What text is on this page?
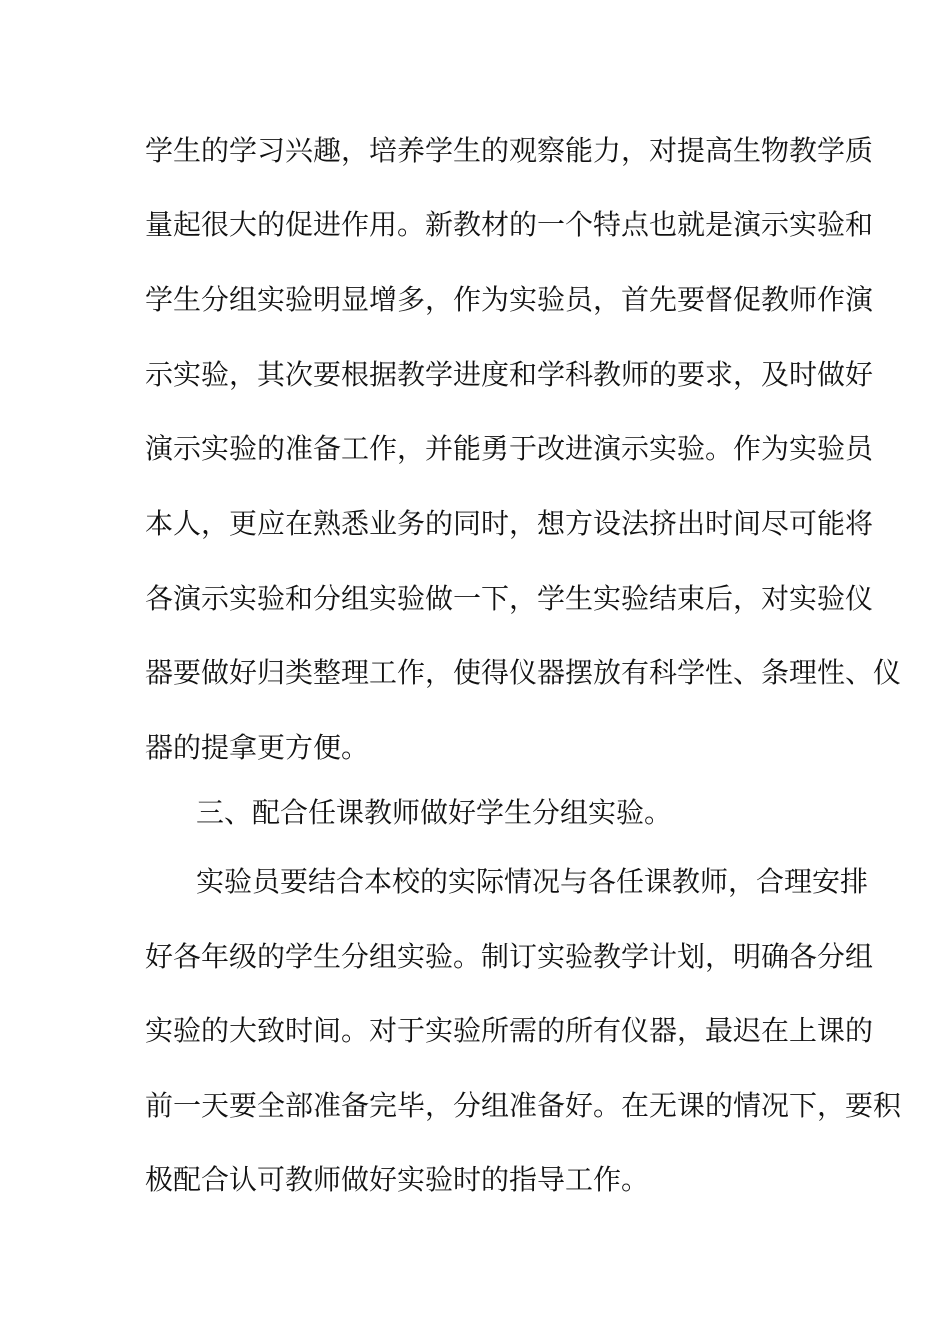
学生的学习兴趣，培养学生的观察能力，对提高生物教学质
量起很大的促进作用。新教材的一个特点也就是演示实验和
学生分组实验明显增多，作为实验员，首先要督促教师作演
示实验，其次要根据教学进度和学科教师的要求，及时做好
演示实验的准备工作，并能勇于改进演示实验。作为实验员
本人，更应在熟悉业务的同时，想方设法挤出时间尽可能将
各演示实验和分组实验做一下，学生实验结束后，对实验仪
器要做好归类整理工作，使得仪器摆放有科学性、条理性、仪
器的提拿更方便。
三、配合任课教师做好学生分组实验。
实验员要结合本校的实际情况与各任课教师，合理安排
好各年级的学生分组实验。制订实验教学计划，明确各分组
实验的大致时间。对于实验所需的所有仪器，最迟在上课的
前一天要全部准备完毕，分组准备好。在无课的情况下，要积
极配合认可教师做好实验时的指导工作。
